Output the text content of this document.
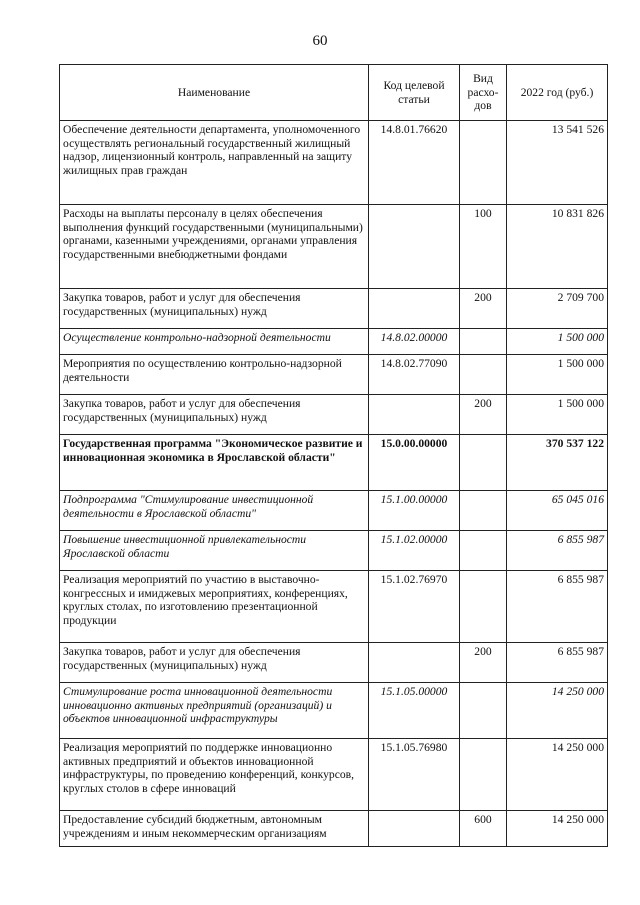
60
Наименование	Код целевой статьи	Вид расхо-дов	2022 год (руб.)
Обеспечение деятельности департамента, уполномоченного осуществлять региональный государственный жилищный надзор, лицензионный контроль, направленный на защиту жилищных прав граждан	14.8.01.76620		13 541 526
Расходы на выплаты персоналу в целях обеспечения выполнения функций государственными (муниципальными) органами, казенными учреждениями, органами управления государственными внебюджетными фондами		100	10 831 826
Закупка товаров, работ и услуг для обеспечения государственных (муниципальных) нужд		200	2 709 700
Осуществление контрольно-надзорной деятельности	14.8.02.00000		1 500 000
Мероприятия по осуществлению контрольно-надзорной деятельности	14.8.02.77090		1 500 000
Закупка товаров, работ и услуг для обеспечения государственных (муниципальных) нужд		200	1 500 000
Государственная программа "Экономическое развитие и инновационная экономика в Ярославской области"	15.0.00.00000		370 537 122
Подпрограмма "Стимулирование инвестиционной деятельности в Ярославской области"	15.1.00.00000		65 045 016
Повышение инвестиционной привлекательности Ярославской области	15.1.02.00000		6 855 987
Реализация мероприятий по участию в выставочно-конгрессных и имиджевых мероприятиях, конференциях, круглых столах, по изготовлению презентационной продукции	15.1.02.76970		6 855 987
Закупка товаров, работ и услуг для обеспечения государственных (муниципальных) нужд		200	6 855 987
Стимулирование роста инновационной деятельности инновационно активных предприятий (организаций) и объектов инновационной инфраструктуры	15.1.05.00000		14 250 000
Реализация мероприятий по поддержке инновационно активных предприятий и объектов инновационной инфраструктуры, по проведению конференций, конкурсов, круглых столов в сфере инноваций	15.1.05.76980		14 250 000
Предоставление субсидий бюджетным, автономным учреждениям и иным некоммерческим организациям		600	14 250 000
